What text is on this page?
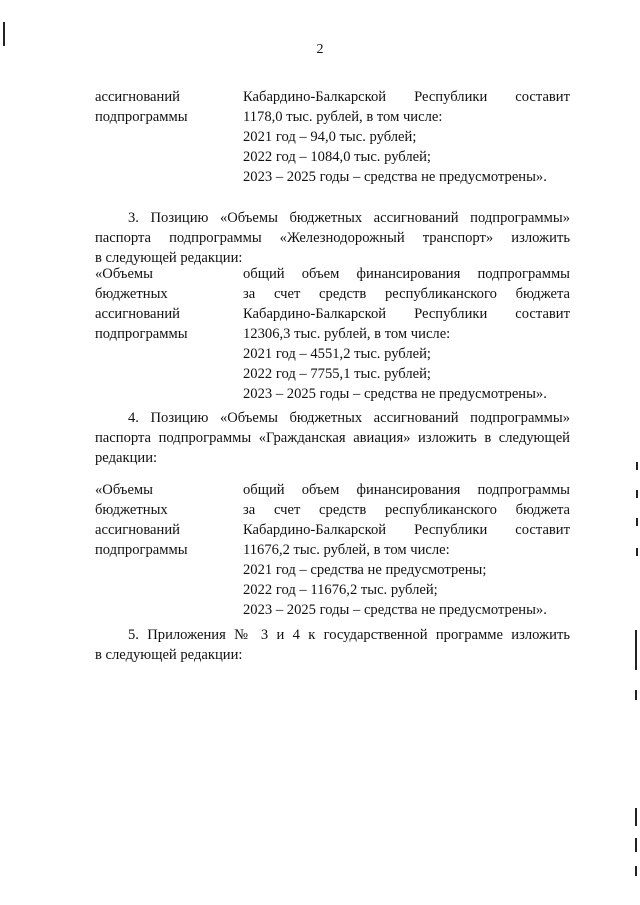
2
ассигнований
подпрограммы
Кабардино-Балкарской Республики составит
1178,0 тыс. рублей, в том числе:
2021 год – 94,0 тыс. рублей;
2022 год – 1084,0 тыс. рублей;
2023 – 2025 годы – средства не предусмотрены».
3. Позицию «Объемы бюджетных ассигнований подпрограммы»
паспорта подпрограммы «Железнодорожный транспорт» изложить
в следующей редакции:
«Объемы
бюджетных
ассигнований
подпрограммы
общий объем финансирования подпрограммы
за счет средств республиканского бюджета
Кабардино-Балкарской Республики составит
12306,3 тыс. рублей, в том числе:
2021 год – 4551,2 тыс. рублей;
2022 год – 7755,1 тыс. рублей;
2023 – 2025 годы – средства не предусмотрены».
4. Позицию «Объемы бюджетных ассигнований подпрограммы»
паспорта подпрограммы «Гражданская авиация» изложить в следующей
редакции:
«Объемы
бюджетных
ассигнований
подпрограммы
общий объем финансирования подпрограммы
за счет средств республиканского бюджета
Кабардино-Балкарской Республики составит
11676,2 тыс. рублей, в том числе:
2021 год – средства не предусмотрены;
2022 год – 11676,2 тыс. рублей;
2023 – 2025 годы – средства не предусмотрены».
5. Приложения № 3 и 4 к государственной программе изложить
в следующей редакции:
